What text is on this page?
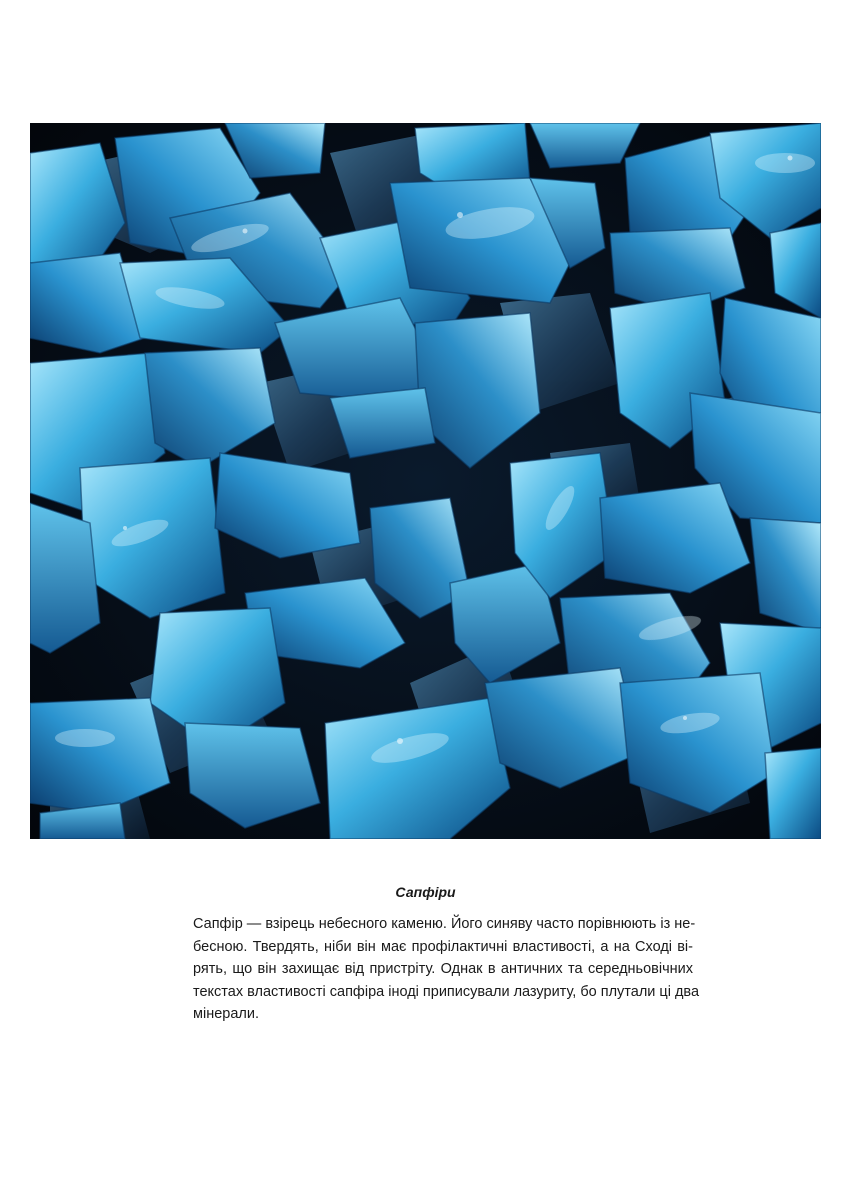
Сапфіри

Сапфір — взірець небесного каменю. Його синяву часто порівнюють із не-
бесною. Твердять, ніби він має профілактичні властивості, а на Сході ві-
рять, що він захищає від пристріту. Однак в античних та середньовічних
текстах властивості сапфіра іноді приписували лазуриту, бо плутали ці два
мінерали.
